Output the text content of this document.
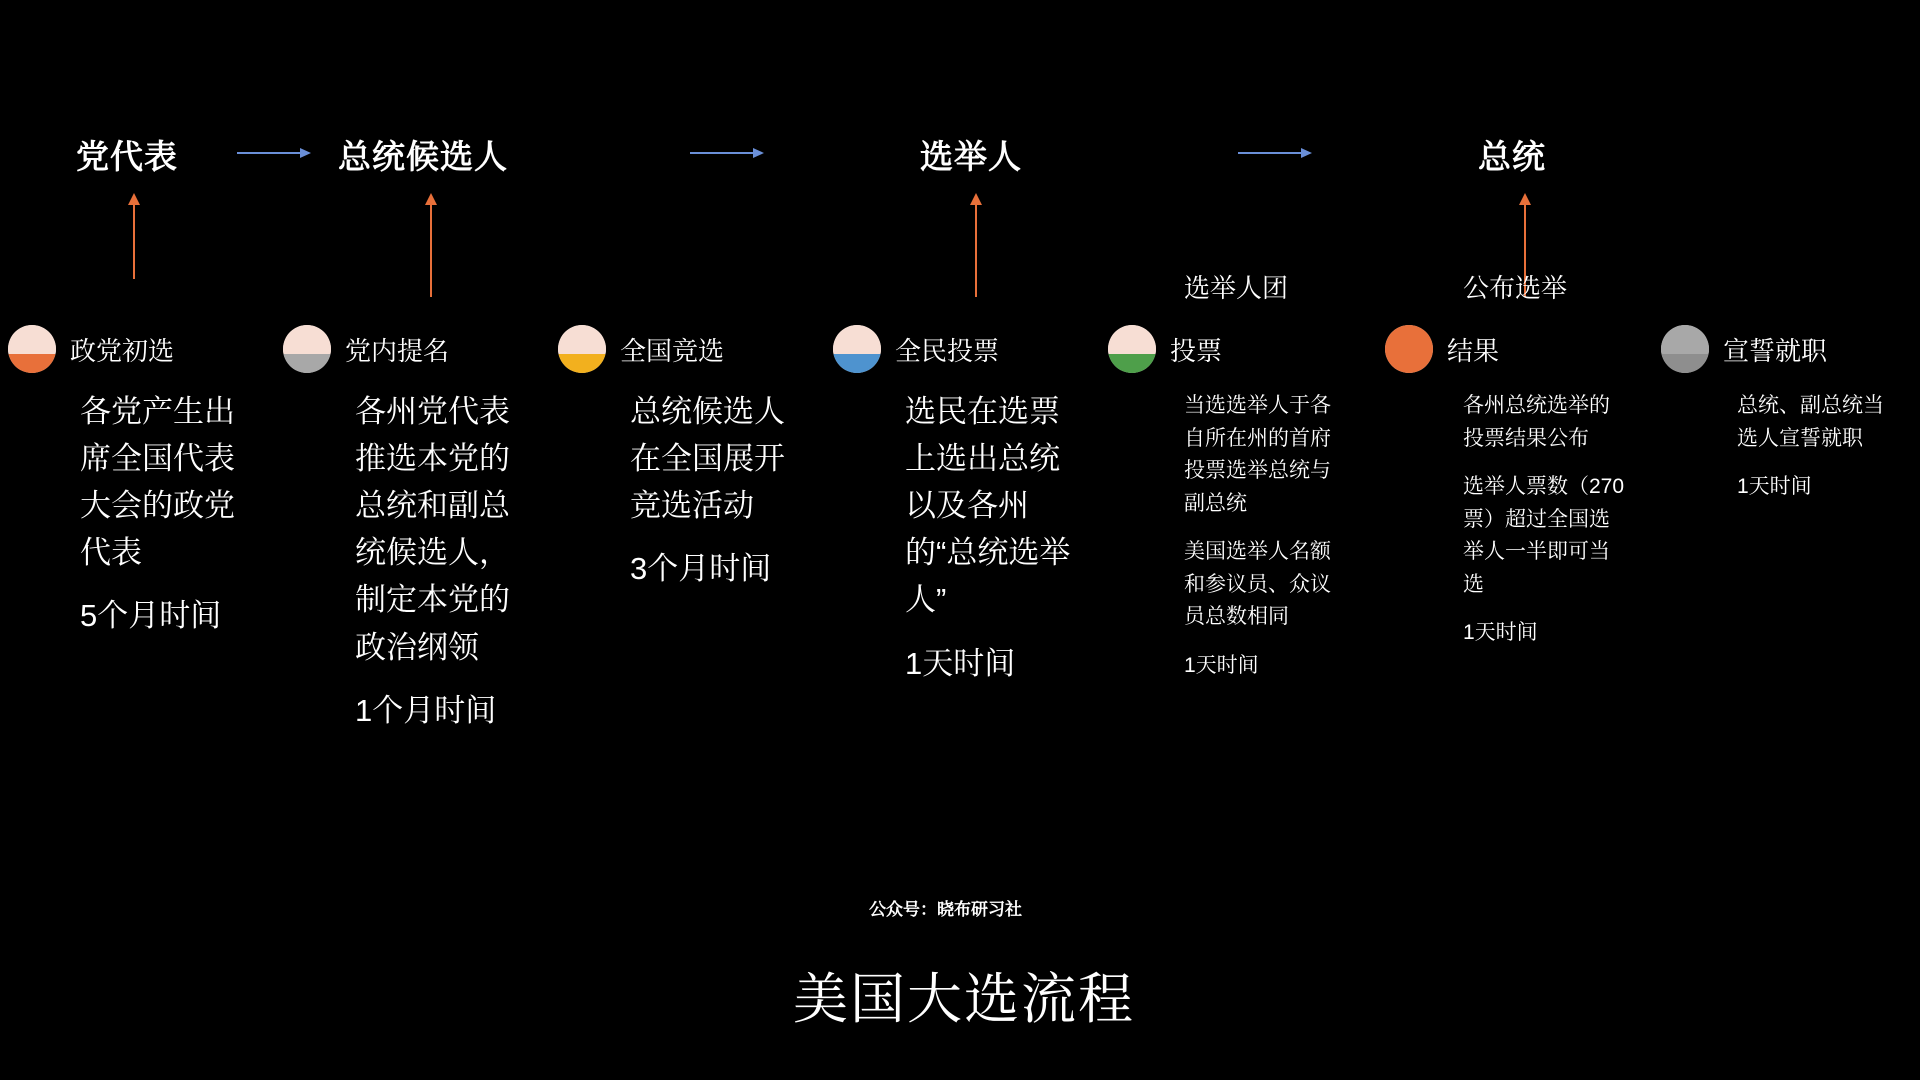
党代表	总统候选人	选举人	总统
政党初选

各党产生出席全国代表大会的政党代表

5个月时间

党内提名

各州党代表推选本党的总统和副总统候选人，制定本党的政治纲领

1个月时间

全国竞选

总统候选人在全国展开竞选活动

3个月时间

全民投票

选民在选票上选出总统以及各州的“总统选举人”

1天时间

选举人团
投票

当选选举人于各自所在州的首府投票选举总统与副总统

美国选举人名额和参议员、众议员总数相同

1天时间

公布选举
结果

各州总统选举的投票结果公布

选举人票数（270票）超过全国选举人一半即可当选

1天时间

宣誓就职

总统、副总统当选人宣誓就职

1天时间

公众号：晓布研习社
美国大选流程
